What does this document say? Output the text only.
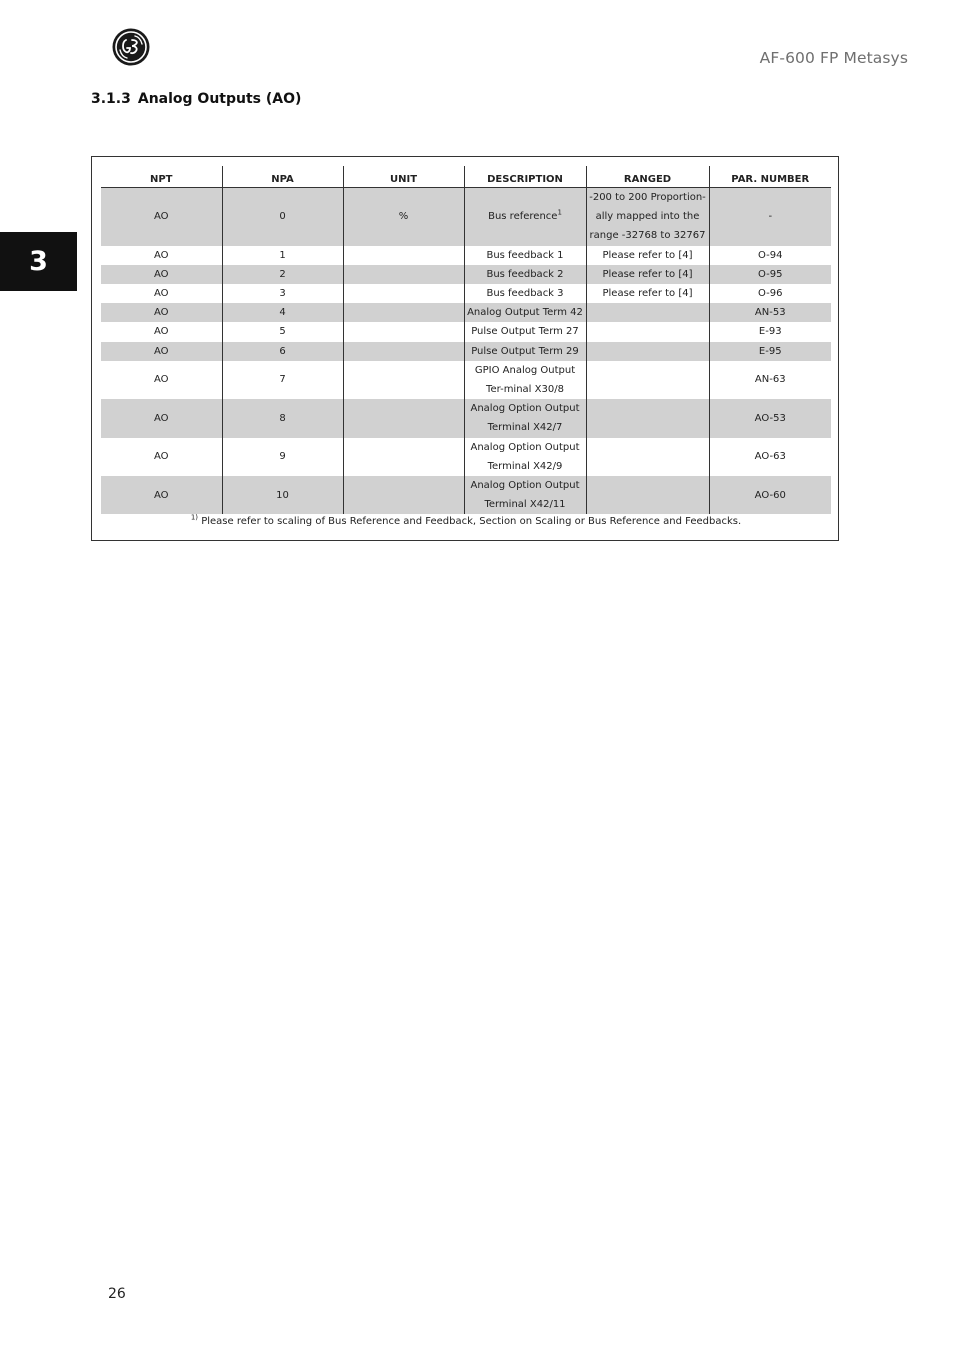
AF-600 FP Metasys
3
3.1.3 Analog Outputs (AO)
NPT	NPA	UNIT	DESCRIPTION	RANGED	PAR. NUMBER
AO	0	%	Bus reference$^1$	-200 to 200 Proportion-ally mapped into the range -32768 to 32767	-
AO	1		Bus feedback 1	Please refer to [4]	O-94
AO	2		Bus feedback 2	Please refer to [4]	O-95
AO	3		Bus feedback 3	Please refer to [4]	O-96
AO	4		Analog Output Term 42		AN-53
AO	5		Pulse Output Term 27		E-93
AO	6		Pulse Output Term 29		E-95
AO	7		GPIO Analog Output Ter-minal X30/8		AN-63
AO	8		Analog Option Output Terminal X42/7		AO-53
AO	9		Analog Option Output Terminal X42/9		AO-63
AO	10		Analog Option Output Terminal X42/11		AO-60
$^{1)}$ Please refer to scaling of Bus Reference and Feedback, Section on Scaling or Bus Reference and Feedbacks.
26
